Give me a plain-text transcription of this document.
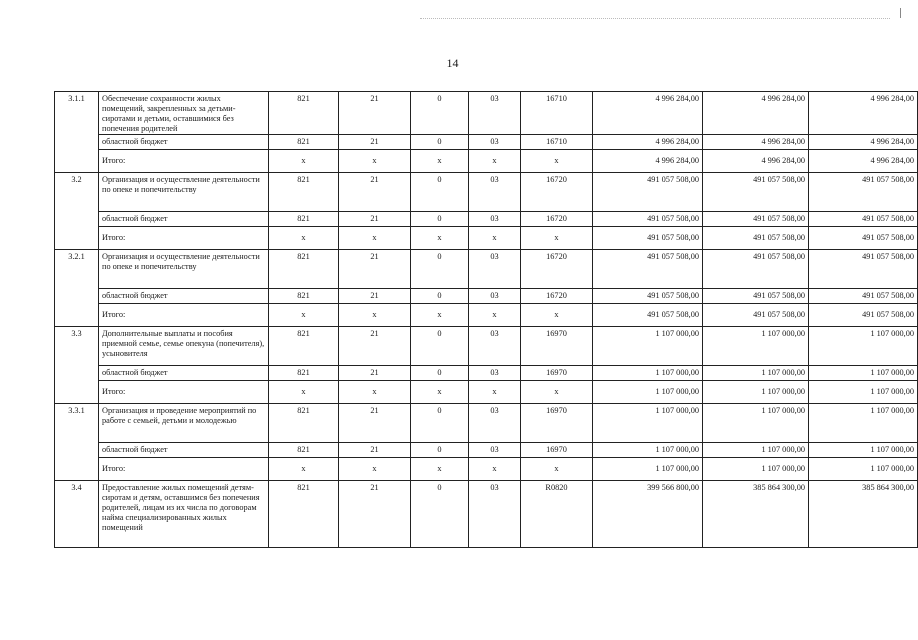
14
3.1.1	Обеспечение сохранности жилых помещений, закрепленных за детьми-сиротами и детьми, оставшимися без попечения родителей	821	21	0	03	16710	4 996 284,00	4 996 284,00	4 996 284,00
	областной бюджет	821	21	0	03	16710	4 996 284,00	4 996 284,00	4 996 284,00
	Итого:	x	x	x	x	x	4 996 284,00	4 996 284,00	4 996 284,00
3.2	Организация и осуществление деятельности по опеке и попечительству	821	21	0	03	16720	491 057 508,00	491 057 508,00	491 057 508,00
	областной бюджет	821	21	0	03	16720	491 057 508,00	491 057 508,00	491 057 508,00
	Итого:	x	x	x	x	x	491 057 508,00	491 057 508,00	491 057 508,00
3.2.1	Организация и осуществление деятельности по опеке и попечительству	821	21	0	03	16720	491 057 508,00	491 057 508,00	491 057 508,00
	областной бюджет	821	21	0	03	16720	491 057 508,00	491 057 508,00	491 057 508,00
	Итого:	x	x	x	x	x	491 057 508,00	491 057 508,00	491 057 508,00
3.3	Дополнительные выплаты и пособия приемной семье, семье опекуна (попечителя), усыновителя	821	21	0	03	16970	1 107 000,00	1 107 000,00	1 107 000,00
	областной бюджет	821	21	0	03	16970	1 107 000,00	1 107 000,00	1 107 000,00
	Итого:	x	x	x	x	x	1 107 000,00	1 107 000,00	1 107 000,00
3.3.1	Организация и проведение мероприятий по работе с семьей, детьми и молодежью	821	21	0	03	16970	1 107 000,00	1 107 000,00	1 107 000,00
	областной бюджет	821	21	0	03	16970	1 107 000,00	1 107 000,00	1 107 000,00
	Итого:	x	x	x	x	x	1 107 000,00	1 107 000,00	1 107 000,00
3.4	Предоставление жилых помещений детям-сиротам и детям, оставшимся без попечения родителей, лицам из их числа по договорам найма специализированных жилых помещений	821	21	0	03	R0820	399 566 800,00	385 864 300,00	385 864 300,00
